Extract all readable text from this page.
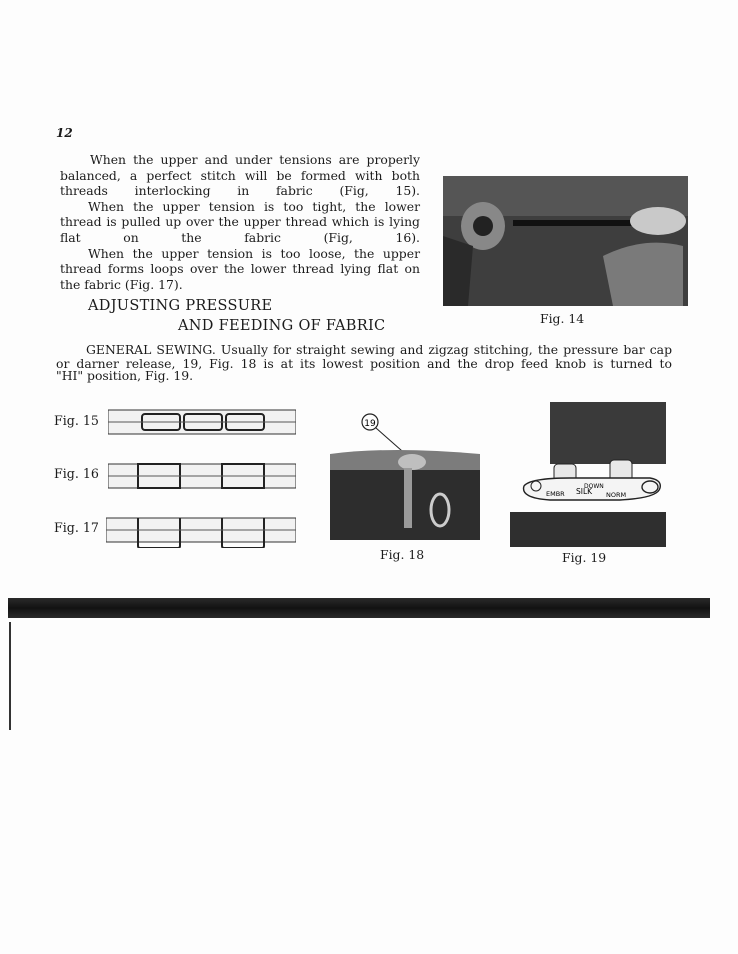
12

When the upper and under tensions are properly balanced, a perfect stitch will be formed with both threads interlocking in fabric (Fig, 15).

When the upper tension is too tight, the lower thread is pulled up over the upper thread which is lying flat on the fabric (Fig, 16).

When the upper tension is too loose, the upper thread forms loops over the lower thread lying flat on the fabric (Fig. 17).

ADJUSTING PRESSURE
AND FEEDING OF FABRIC	Fig. 14
GENERAL SEWING. Usually for straight sewing and zigzag stitching, the pressure bar cap
or darner release, 19, Fig. 18 is at its lowest position and the drop feed knob is turned to
"HI" position, Fig. 19.
Fig. 15
Fig. 16
Fig. 17
19
Fig. 18
DOWN
EMBR SILK NORM
Fig. 19
